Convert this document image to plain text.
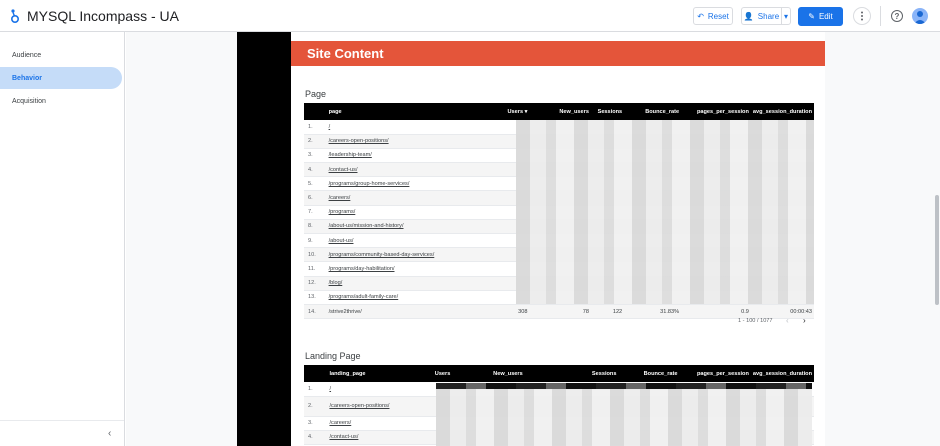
MYSQL Incompass - UA	↶ Reset 👤 Share ▾	✎ Edit	?
Audience
Behavior
Acquisition
‹
Site Content
Page
	page	Users ▾	New_users	Sessions	Bounce_rate	pages_per_session	avg_session_duration
1.	/						
2.	/careers-open-positions/						
3.	/leadership-team/						
4.	/contact-us/						
5.	/programs/group-home-services/						
6.	/careers/						
7.	/programs/						
8.	/about-us/mission-and-history/						
9.	/about-us/						
10.	/programs/community-based-day-services/						
11.	/programs/day-habilitation/						
12.	/blog/						
13.	/programs/adult-family-care/						
14.	/strive2thrive/	308	78	122	31.83%	0.9	00:00:43
1 - 100 / 1077 ‹ ›
Landing Page
	landing_page	Users	New_users	Sessions	Bounce_rate	pages_per_session	avg_session_duration
1.	/						
2.	/careers-open-positions/						
3.	/careers/						
4.	/contact-us/						
